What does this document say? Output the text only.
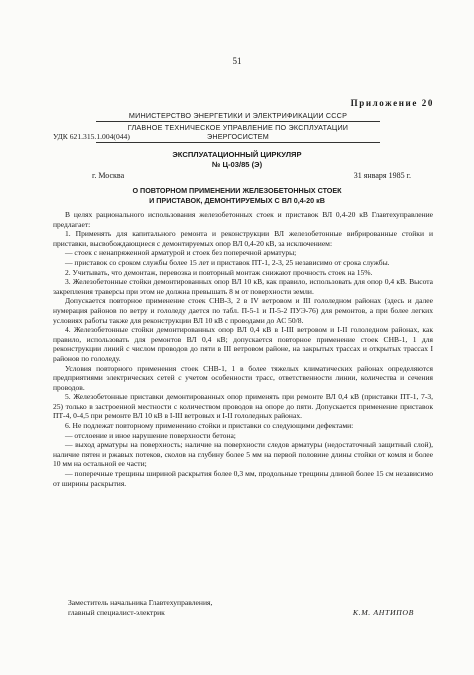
51
Приложение 20
МИНИСТЕРСТВО ЭНЕРГЕТИКИ И ЭЛЕКТРИФИКАЦИИ СССР
ГЛАВНОЕ ТЕХНИЧЕСКОЕ УПРАВЛЕНИЕ ПО ЭКСПЛУАТАЦИИ ЭНЕРГОСИСТЕМ
УДК 621.315.1.004(044)
ЭКСПЛУАТАЦИОННЫЙ ЦИРКУЛЯР
№ Ц-03/85 (Э)
г. Москва	31 января 1985 г.
О ПОВТОРНОМ ПРИМЕНЕНИИ ЖЕЛЕЗОБЕТОННЫХ СТОЕК
И ПРИСТАВОК, ДЕМОНТИРУЕМЫХ С ВЛ 0,4-20 кВ

В целях рационального использования железобетонных стоек и приставок ВЛ 0,4-20 кВ Главтехуправление предлагает:

1. Применять для капитального ремонта и реконструкции ВЛ железобетонные вибрированные стойки и приставки, высвобождающиеся с демонтируемых опор ВЛ 0,4-20 кВ, за исключением:

— стоек с ненапряженной арматурой и стоек без поперечной арматуры;

— приставок со сроком службы более 15 лет и приставок ПТ-1, 2-3, 25 независимо от срока службы.

2. Учитывать, что демонтаж, перевозка и повторный монтаж снижают прочность стоек на 15%.

3. Железобетонные стойки демонтированных опор ВЛ 10 кВ, как правило, использовать для опор 0,4 кВ. Высота закрепления траверсы при этом не должна превышать 8 м от поверхности земли.

Допускается повторное применение стоек СНВ-3, 2 в IV ветровом и III гололедном районах (здесь и далее нумерация районов по ветру и гололеду дается по табл. П-5-1 и П-5-2 ПУЭ-76) для ремонтов, а при более легких условиях работы также для реконструкции ВЛ 10 кВ с проводами до АС 50/8.

4. Железобетонные стойки демонтированных опор ВЛ 0,4 кВ в I-III ветровом и I-II гололедном районах, как правило, использовать для ремонтов ВЛ 0,4 кВ; допускается повторное применение стоек СНВ-1, 1 для реконструкции линий с числом проводов до пяти в III ветровом районе, на закрытых трассах и открытых трассах I районов по гололеду.

Условия повторного применения стоек СНВ-1, 1 в более тяжелых климатических районах определяются предприятиями электрических сетей с учетом особенности трасс, ответственности линии, количества и сечения проводов.

5. Железобетонные приставки демонтированных опор применять при ремонте ВЛ 0,4 кВ (приставки ПТ-1, 7-3, 25) только в застроенной местности с количеством проводов на опоре до пяти. Допускается применение приставок ПТ-4, 0-4,5 при ремонте ВЛ 10 кВ в I-III ветровых и I-II гололедных районах.

6. Не подлежат повторному применению стойки и приставки со следующими дефектами:

— отслоение и иное нарушение поверхности бетона;

— выход арматуры на поверхность; наличие на поверхности следов арматуры (недостаточный защитный слой), наличие пятен и ржавых потеков, сколов на глубину более 5 мм на первой половине длины стойки от комля и более 10 мм на остальной ее части;

— поперечные трещины шириной раскрытия более 0,3 мм, продольные трещины длиной более 15 см независимо от ширины раскрытия.

Заместитель начальника Главтехуправления,
главный специалист-электрик	К.М. АНТИПОВ
